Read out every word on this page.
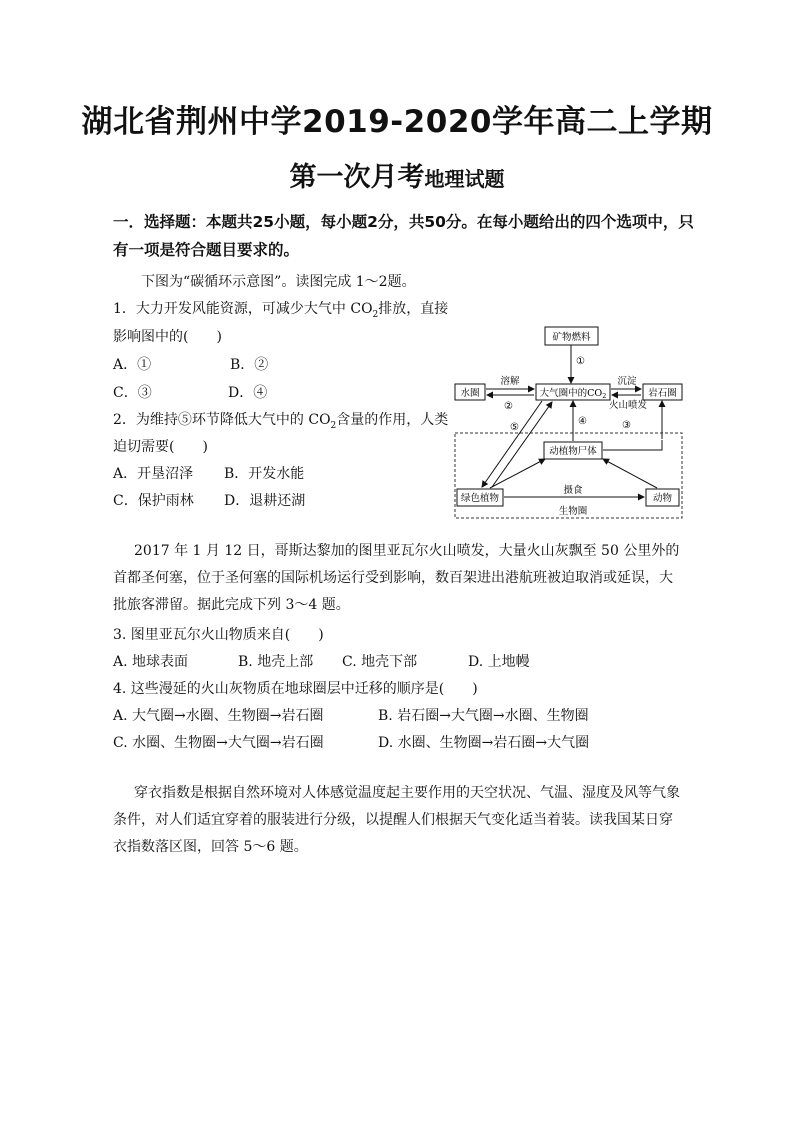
湖北省荆州中学2019-2020学年高二上学期
第一次月考地理试题
一．选择题：本题共25小题，每小题2分，共50分。在每小题给出的四个选项中，只有一项是符合题目要求的。
下图为“碳循环示意图”。读图完成 1～2题。
1．大力开发风能资源，可减少大气中 $CO_2$排放，直接
影响图中的(　　)
A．①	B．②
C．③	D．④
2．为维持⑤环节降低大气中的 $CO_2$含量的作用，人类
迫切需要(　　)
A．开垦沼泽 B．开发水能
C．保护雨林 D．退耕还湖
矿物燃料
水圈	大气圈中的$CO_2$	岩石圈
动植物尸体
绿色植物	动物
①
溶解
②
沉淀
火山喷发
③
④
⑤
摄食
生物圈
2017 年 1 月 12 日，哥斯达黎加的图里亚瓦尔火山喷发，大量火山灰飘至 50 公里外的首都圣何塞，位于圣何塞的国际机场运行受到影响，数百架进出港航班被迫取消或延误，大批旅客滞留。据此完成下列 3～4 题。
3. 图里亚瓦尔火山物质来自(　　)
A. 地球表面	B. 地壳上部 C. 地壳下部	D. 上地幔
4. 这些漫延的火山灰物质在地球圈层中迁移的顺序是(　　)
A. 大气圈→水圈、生物圈→岩石圈	B. 岩石圈→大气圈→水圈、生物圈
C. 水圈、生物圈→大气圈→岩石圈	D. 水圈、生物圈→岩石圈→大气圈
穿衣指数是根据自然环境对人体感觉温度起主要作用的天空状况、气温、湿度及风等气象条件，对人们适宜穿着的服装进行分级，以提醒人们根据天气变化适当着装。读我国某日穿衣指数落区图，回答 5～6 题。
